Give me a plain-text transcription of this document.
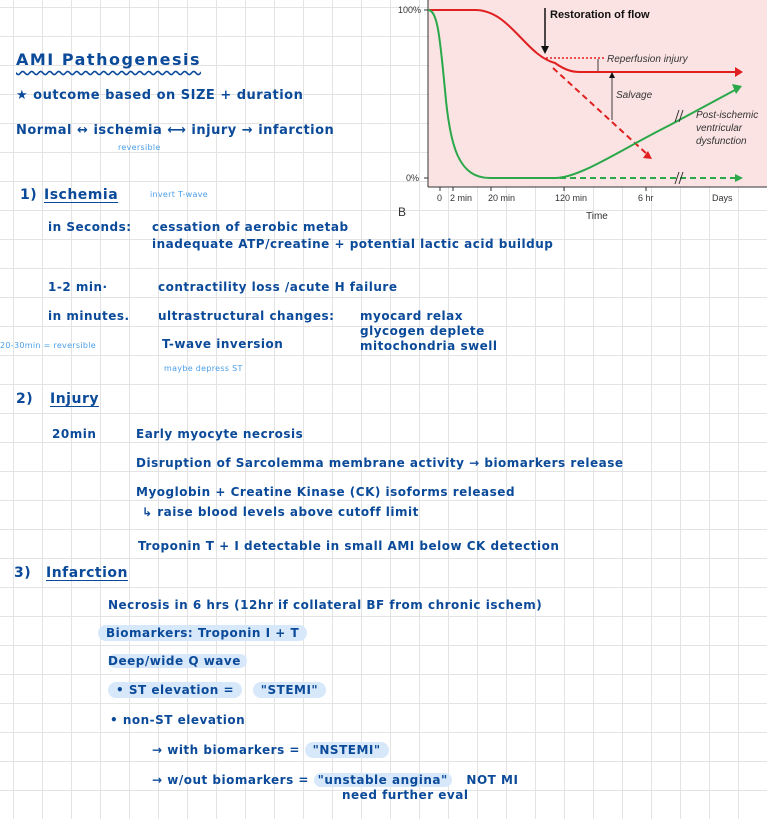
100%
0%
0 2 min 20 min	120 min	6 hr	Days
B	Time
Restoration of flow
Reperfusion injury
Salvage
Post-ischemic ventricular dysfunction
AMI Pathogenesis
★ outcome based on SIZE + duration
Normal ↔ ischemia ⟷ injury → infarction
reversible
1) Ischemia	invert T-wave
in Seconds: cessation of aerobic metab
inadequate ATP/creatine + potential lactic acid buildup
1-2 min·	contractility loss /acute H failure
in minutes. ultrastructural changes: myocard relax
glycogen deplete
mitochondria swell
20-30min = reversible	T-wave inversion
maybe depress ST
2) Injury
20min	Early myocyte necrosis
Disruption of Sarcolemma membrane activity → biomarkers release
Myoglobin + Creatine Kinase (CK) isoforms released
↳ raise blood levels above cutoff limit
Troponin T + I detectable in small AMI below CK detection
3) Infarction
Necrosis in 6 hrs (12hr if collateral BF from chronic ischem)
Biomarkers: Troponin I + T
Deep/wide Q wave
• ST elevation = "STEMI"
• non-ST elevation
→ with biomarkers = "NSTEMI"
→ w/out biomarkers = "unstable angina" NOT MI
need further eval
